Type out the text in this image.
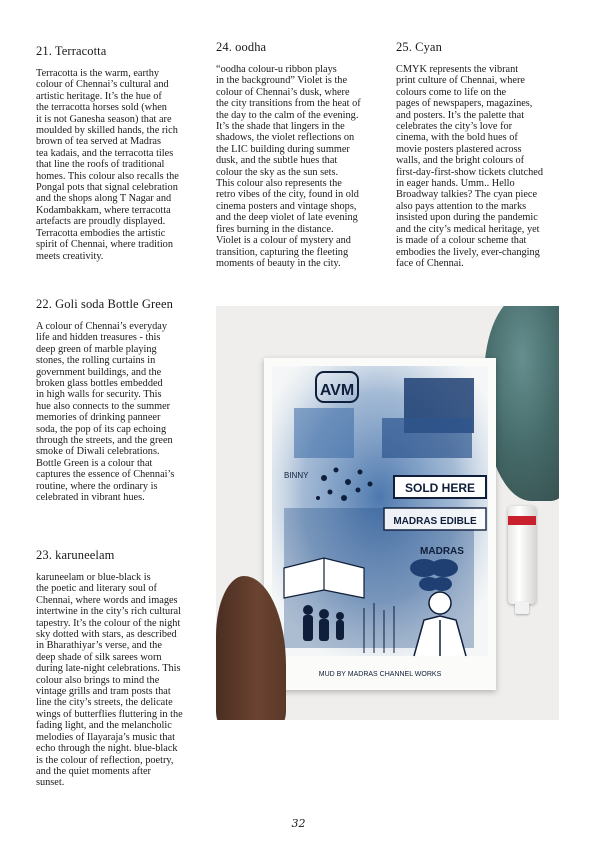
21. Terracotta

Terracotta is the warm, earthy
colour of Chennai’s cultural and
artistic heritage. It’s the hue of
the terracotta horses sold (when
it is not Ganesha season) that are
moulded by skilled hands, the rich
brown of tea served at Madras
tea kadais, and the terracotta tiles
that line the roofs of traditional
homes. This colour also recalls the
Pongal pots that signal celebration
and the shops along T Nagar and
Kodambakkam, where terracotta
artefacts are proudly displayed.
Terracotta embodies the artistic
spirit of Chennai, where tradition
meets creativity.

24. oodha

“oodha colour-u ribbon plays
in the background” Violet is the
colour of Chennai’s dusk, where
the city transitions from the heat of
the day to the calm of the evening.
It’s the shade that lingers in the
shadows, the violet reflections on
the LIC building during summer
dusk, and the subtle hues that
colour the sky as the sun sets.
This colour also represents the
retro vibes of the city, found in old
cinema posters and vintage shops,
and the deep violet of late evening
fires burning in the distance.
Violet is a colour of mystery and
transition, capturing the fleeting
moments of beauty in the city.

25. Cyan

CMYK represents the vibrant
print culture of Chennai, where
colours come to life on the
pages of newspapers, magazines,
and posters. It’s the palette that
celebrates the city’s love for
cinema, with the bold hues of
movie posters plastered across
walls, and the bright colours of
first-day-first-show tickets clutched
in eager hands. Umm.. Hello
Broadway talkies? The cyan piece
also pays attention to the marks
insisted upon during the pandemic
and the city’s medical heritage, yet
is made of a colour scheme that
embodies the lively, ever-changing
face of Chennai.

22. Goli soda Bottle Green

A colour of Chennai’s everyday
life and hidden treasures - this
deep green of marble playing
stones, the rolling curtains in
government buildings, and the
broken glass bottles embedded
in high walls for security. This
hue also connects to the summer
memories of drinking panneer
soda, the pop of its cap echoing
through the streets, and the green
smoke of Diwali celebrations.
Bottle Green is a colour that
captures the essence of Chennai’s
routine, where the ordinary is
celebrated in vibrant hues.

23. karuneelam

karuneelam or blue-black is
the poetic and literary soul of
Chennai, where words and images
intertwine in the city’s rich cultural
tapestry. It’s the colour of the night
sky dotted with stars, as described
in Bharathiyar’s verse, and the
deep shade of silk sarees worn
during late-night celebrations. This
colour also brings to mind the
vintage grills and tram posts that
line the city’s streets, the delicate
wings of butterflies fluttering in the
fading light, and the melancholic
melodies of Ilayaraja’s music that
echo through the night. blue-black
is the colour of reflection, poetry,
and the quiet moments after
sunset.

AVM
BINNY
SOLD HERE
MADRAS EDIBLE
MADRAS
MUD BY MADRAS CHANNEL WORKS
32
